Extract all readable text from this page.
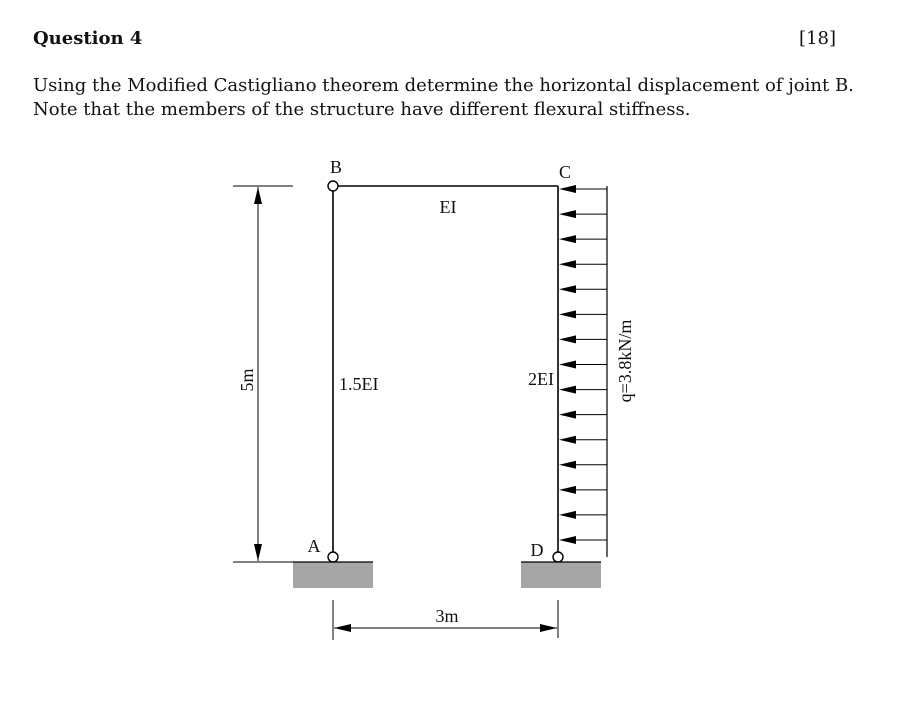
Question 4	[18]
Using the Modified Castigliano theorem determine the horizontal displacement of joint B.
Note that the members of the structure have different flexural stiffness.
B	C
A	D
EI
1.5EI	2EI
5m
3m
q=3.8kN/m
